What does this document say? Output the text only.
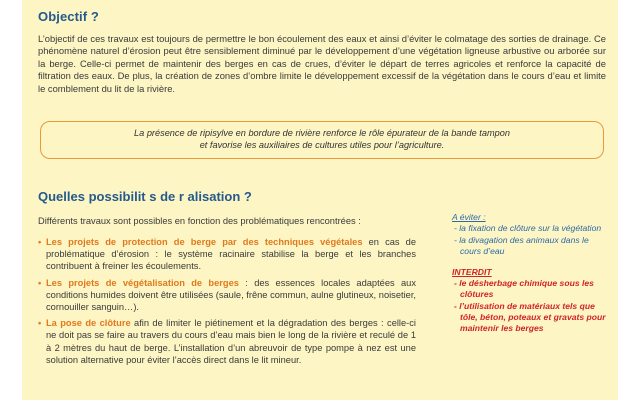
Objectif ?

L’objectif de ces travaux est toujours de permettre le bon écoulement des eaux et ainsi d’éviter le colmatage des sorties de drainage. Ce phénomène naturel d’érosion peut être sensiblement diminué par le développement d’une végétation ligneuse arbustive ou arborée sur la berge. Celle-ci permet de maintenir des berges en cas de crues, d’éviter le départ de terres agricoles et renforce la capacité de filtration des eaux. De plus, la création de zones d’ombre limite le développement excessif de la végétation dans le cours d’eau et limite le comblement du lit de la rivière.

La présence de ripisylve en bordure de rivière renforce le rôle épurateur de la bande tampon
et favorise les auxiliaires de cultures utiles pour l’agriculture.
Quelles possibilit s de r alisation ?
Différents travaux sont possibles en fonction des problématiques rencontrées :
• Les projets de protection de berge par des techniques végétales en cas de problématique d’érosion : le système racinaire stabilise la berge et les branches contribuent à freiner les écoulements.
• Les projets de végétalisation de berges : des essences locales adaptées aux conditions humides doivent être utilisées (saule, frêne commun, aulne glutineux, noisetier, cornouiller sanguin…).
• La pose de clôture afin de limiter le piétinement et la dégradation des berges : celle-ci ne doit pas se faire au travers du cours d’eau mais bien le long de la rivière et reculé de 1 à 2 mètres du haut de berge. L’installation d’un abreuvoir de type pompe à nez est une solution alternative pour éviter l’accès direct dans le lit mineur.
A éviter :
- la fixation de clôture sur la végétation
- la divagation des animaux dans le cours d’eau
INTERDIT
- le désherbage chimique sous les clôtures
- l’utilisation de matériaux tels que tôle, béton, poteaux et gravats pour maintenir les berges
